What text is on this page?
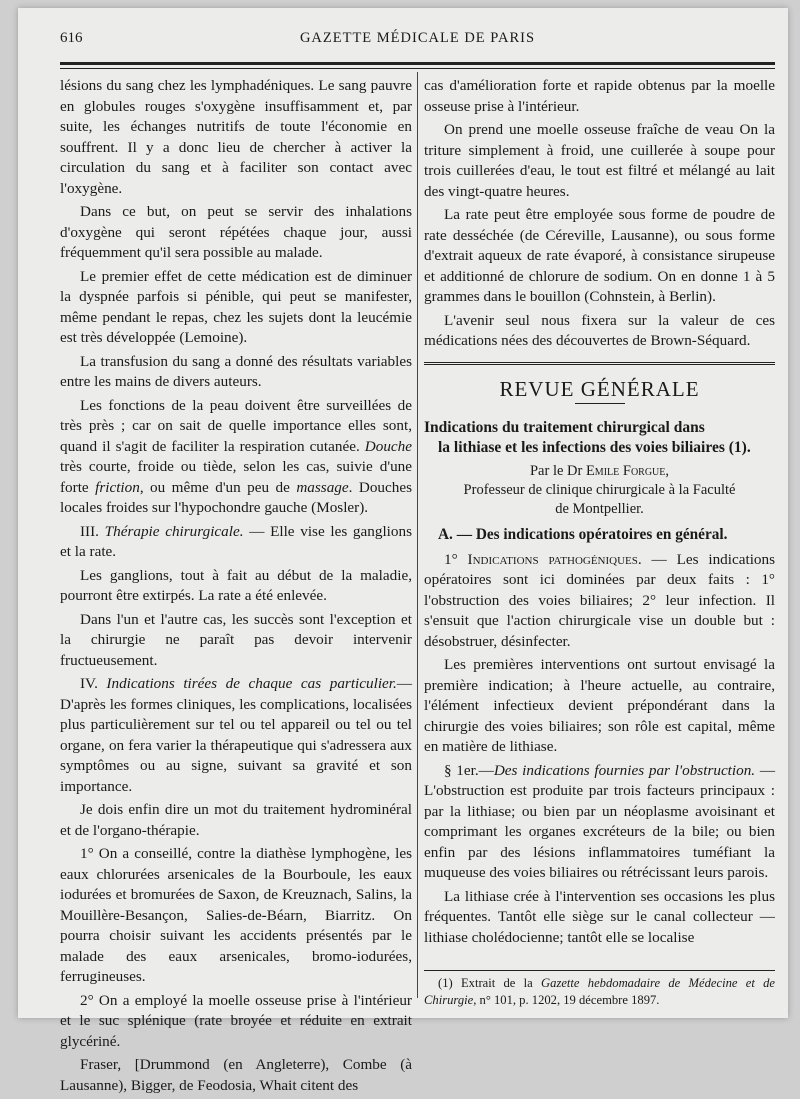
616	GAZETTE MÉDICALE DE PARIS

lésions du sang chez les lymphadéniques. Le sang pauvre en globules rouges s'oxygène insuffisamment et, par suite, les échanges nutritifs de toute l'économie en souffrent. Il y a donc lieu de chercher à activer la circulation du sang et à faciliter son contact avec l'oxygène.

Dans ce but, on peut se servir des inhalations d'oxygène qui seront répétées chaque jour, aussi fréquemment qu'il sera possible au malade.

Le premier effet de cette médication est de diminuer la dyspnée parfois si pénible, qui peut se manifester, même pendant le repas, chez les sujets dont la leucémie est très développée (Lemoine).

La transfusion du sang a donné des résultats variables entre les mains de divers auteurs.

Les fonctions de la peau doivent être surveillées de très près ; car on sait de quelle importance elles sont, quand il s'agit de faciliter la respiration cutanée. Douche très courte, froide ou tiède, selon les cas, suivie d'une forte friction, ou même d'un peu de massage. Douches locales froides sur l'hypochondre gauche (Mosler).

III. Thérapie chirurgicale. — Elle vise les ganglions et la rate.

Les ganglions, tout à fait au début de la maladie, pourront être extirpés. La rate a été enlevée.

Dans l'un et l'autre cas, les succès sont l'exception et la chirurgie ne paraît pas devoir intervenir fructueusement.

IV. Indications tirées de chaque cas particulier.— D'après les formes cliniques, les complications, localisées plus particulièrement sur tel ou tel appareil ou tel ou tel organe, on fera varier la thérapeutique qui s'adressera aux symptômes ou au signe, suivant sa gravité et son importance.

Je dois enfin dire un mot du traitement hydrominéral et de l'organo-thérapie.

1° On a conseillé, contre la diathèse lymphogène, les eaux chlorurées arsenicales de la Bourboule, les eaux iodurées et bromurées de Saxon, de Kreuznach, Salins, la Mouillère-Besançon, Salies-de-Béarn, Biarritz. On pourra choisir suivant les accidents présentés par le malade des eaux arsenicales, bromo-iodurées, ferrugineuses.

2° On a employé la moelle osseuse prise à l'intérieur et le suc splénique (rate broyée et réduite en extrait glycériné.

Fraser, [Drummond (en Angleterre), Combe (à Lausanne), Bigger, de Feodosia, Whait citent des

cas d'amélioration forte et rapide obtenus par la moelle osseuse prise à l'intérieur.

On prend une moelle osseuse fraîche de veau On la triture simplement à froid, une cuillerée à soupe pour trois cuillerées d'eau, le tout est filtré et mélangé au lait des vingt-quatre heures.

La rate peut être employée sous forme de poudre de rate desséchée (de Céreville, Lausanne), ou sous forme d'extrait aqueux de rate évaporé, à consistance sirupeuse et additionné de chlorure de sodium. On en donne 1 à 5 grammes dans le bouillon (Cohnstein, à Berlin).

L'avenir seul nous fixera sur la valeur de ces médications nées des découvertes de Brown-Séquard.

REVUE GÉNÉRALE
Indications du traitement chirurgical dans
la lithiase et les infections des voies biliaires (1).
Par le Dr Emile Forgue,
Professeur de clinique chirurgicale à la Faculté
de Montpellier.
A. — Des indications opératoires en général.

1° Indications pathogéniques. — Les indications opératoires sont ici dominées par deux faits : 1° l'obstruction des voies biliaires; 2° leur infection. Il s'ensuit que l'action chirurgicale vise un double but : désobstruer, désinfecter.

Les premières interventions ont surtout envisagé la première indication; à l'heure actuelle, au contraire, l'élément infectieux devient prépondérant dans la chirurgie des voies biliaires; son rôle est capital, même en matière de lithiase.

§ 1er.—Des indications fournies par l'obstruction. — L'obstruction est produite par trois facteurs principaux : par la lithiase; ou bien par un néoplasme avoisinant et comprimant les organes excréteurs de la bile; ou bien enfin par des lésions inflammatoires tuméfiant la muqueuse des voies biliaires ou rétrécissant leurs parois.

La lithiase crée à l'intervention ses occasions les plus fréquentes. Tantôt elle siège sur le canal collecteur — lithiase cholédocienne; tantôt elle se localise

(1) Extrait de la Gazette hebdomadaire de Médecine et de Chirurgie, n° 101, p. 1202, 19 décembre 1897.
